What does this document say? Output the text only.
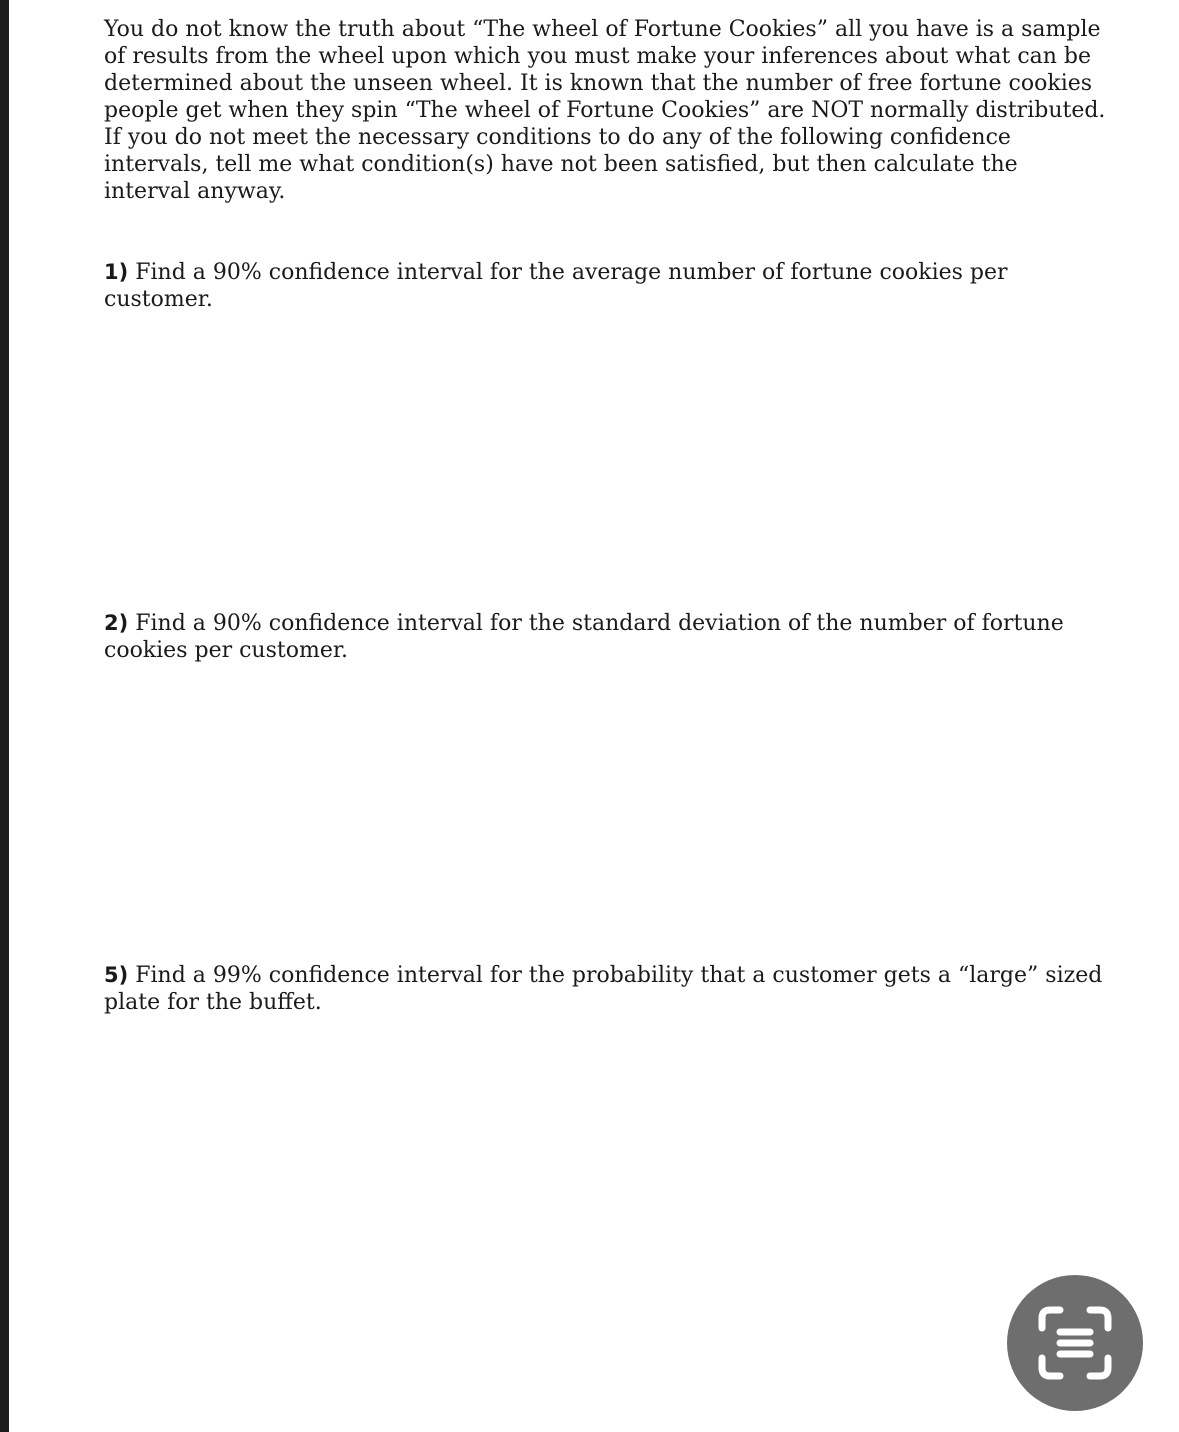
You do not know the truth about “The wheel of Fortune Cookies” all you have is a sample
of results from the wheel upon which you must make your inferences about what can be
determined about the unseen wheel. It is known that the number of free fortune cookies
people get when they spin “The wheel of Fortune Cookies” are NOT normally distributed.
If you do not meet the necessary conditions to do any of the following confidence
intervals, tell me what condition(s) have not been satisfied, but then calculate the
interval anyway.
1) Find a 90% confidence interval for the average number of fortune cookies per
customer.
2) Find a 90% confidence interval for the standard deviation of the number of fortune
cookies per customer.
5) Find a 99% confidence interval for the probability that a customer gets a “large” sized
plate for the buffet.
